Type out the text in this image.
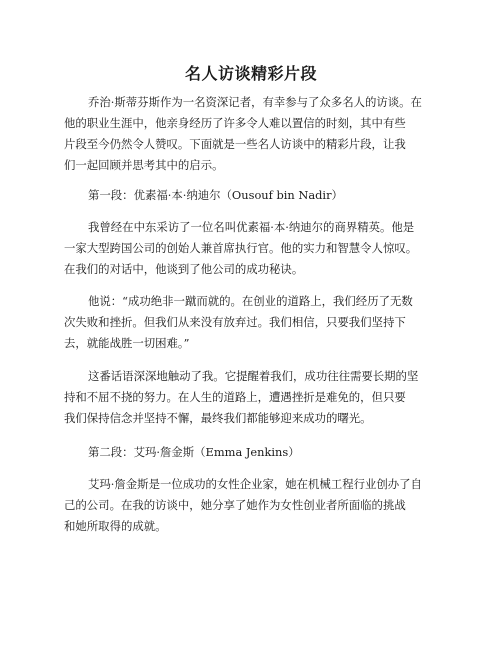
名人访谈精彩片段

乔治·斯蒂芬斯作为一名资深记者，有幸参与了众多名人的访谈。在

他的职业生涯中，他亲身经历了许多令人难以置信的时刻，其中有些

片段至今仍然令人赞叹。下面就是一些名人访谈中的精彩片段，让我

们一起回顾并思考其中的启示。

第一段：优素福·本·纳迪尔（Ousouf bin Nadir）

我曾经在中东采访了一位名叫优素福·本·纳迪尔的商界精英。他是

一家大型跨国公司的创始人兼首席执行官。他的实力和智慧令人惊叹。

在我们的对话中，他谈到了他公司的成功秘诀。

他说：“成功绝非一蹴而就的。在创业的道路上，我们经历了无数

次失败和挫折。但我们从来没有放弃过。我们相信，只要我们坚持下

去，就能战胜一切困难。”

这番话语深深地触动了我。它提醒着我们，成功往往需要长期的坚

持和不屈不挠的努力。在人生的道路上，遭遇挫折是难免的，但只要

我们保持信念并坚持不懈，最终我们都能够迎来成功的曙光。

第二段：艾玛·詹金斯（Emma Jenkins）

艾玛·詹金斯是一位成功的女性企业家，她在机械工程行业创办了自

己的公司。在我的访谈中，她分享了她作为女性创业者所面临的挑战

和她所取得的成就。
